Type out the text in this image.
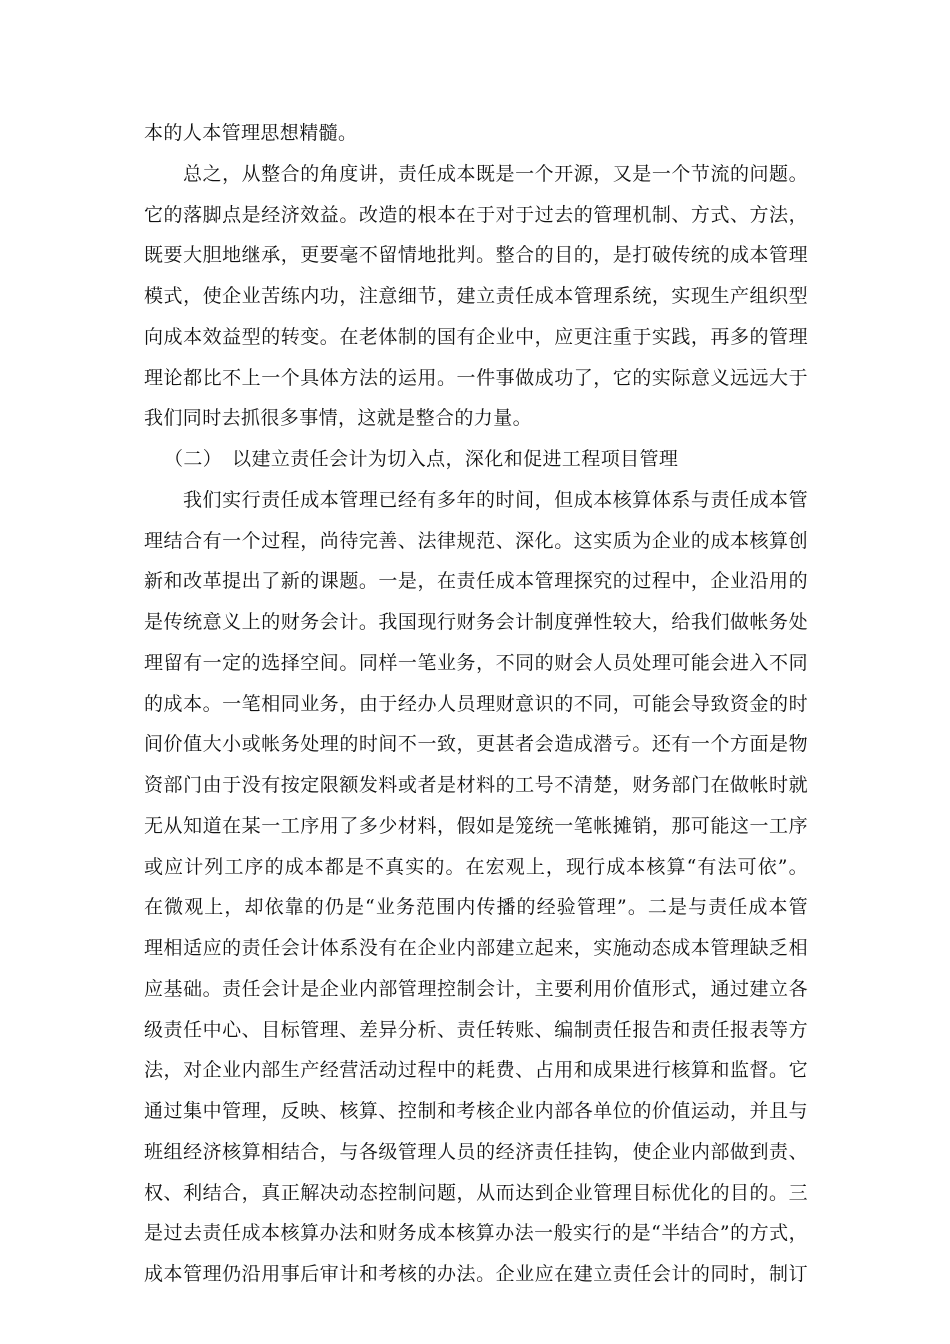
本的人本管理思想精髓。
总之，从整合的角度讲，责任成本既是一个开源，又是一个节流的问题。
它的落脚点是经济效益。改造的根本在于对于过去的管理机制、方式、方法，
既要大胆地继承，更要毫不留情地批判。整合的目的，是打破传统的成本管理
模式，使企业苦练内功，注意细节，建立责任成本管理系统，实现生产组织型
向成本效益型的转变。在老体制的国有企业中，应更注重于实践，再多的管理
理论都比不上一个具体方法的运用。一件事做成功了，它的实际意义远远大于
我们同时去抓很多事情，这就是整合的力量。
（二）　以建立责任会计为切入点，深化和促进工程项目管理
我们实行责任成本管理已经有多年的时间，但成本核算体系与责任成本管
理结合有一个过程，尚待完善、法律规范、深化。这实质为企业的成本核算创
新和改革提出了新的课题。一是，在责任成本管理探究的过程中，企业沿用的
是传统意义上的财务会计。我国现行财务会计制度弹性较大，给我们做帐务处
理留有一定的选择空间。同样一笔业务，不同的财会人员处理可能会进入不同
的成本。一笔相同业务，由于经办人员理财意识的不同，可能会导致资金的时
间价值大小或帐务处理的时间不一致，更甚者会造成潜亏。还有一个方面是物
资部门由于没有按定限额发料或者是材料的工号不清楚，财务部门在做帐时就
无从知道在某一工序用了多少材料，假如是笼统一笔帐摊销，那可能这一工序
或应计列工序的成本都是不真实的。在宏观上，现行成本核算“有法可依”。
在微观上，却依靠的仍是“业务范围内传播的经验管理”。二是与责任成本管
理相适应的责任会计体系没有在企业内部建立起来，实施动态成本管理缺乏相
应基础。责任会计是企业内部管理控制会计，主要利用价值形式，通过建立各
级责任中心、目标管理、差异分析、责任转账、编制责任报告和责任报表等方
法，对企业内部生产经营活动过程中的耗费、占用和成果进行核算和监督。它
通过集中管理，反映、核算、控制和考核企业内部各单位的价值运动，并且与
班组经济核算相结合，与各级管理人员的经济责任挂钩，使企业内部做到责、
权、利结合，真正解决动态控制问题，从而达到企业管理目标优化的目的。三
是过去责任成本核算办法和财务成本核算办法一般实行的是“半结合”的方式，
成本管理仍沿用事后审计和考核的办法。企业应在建立责任会计的同时，制订
